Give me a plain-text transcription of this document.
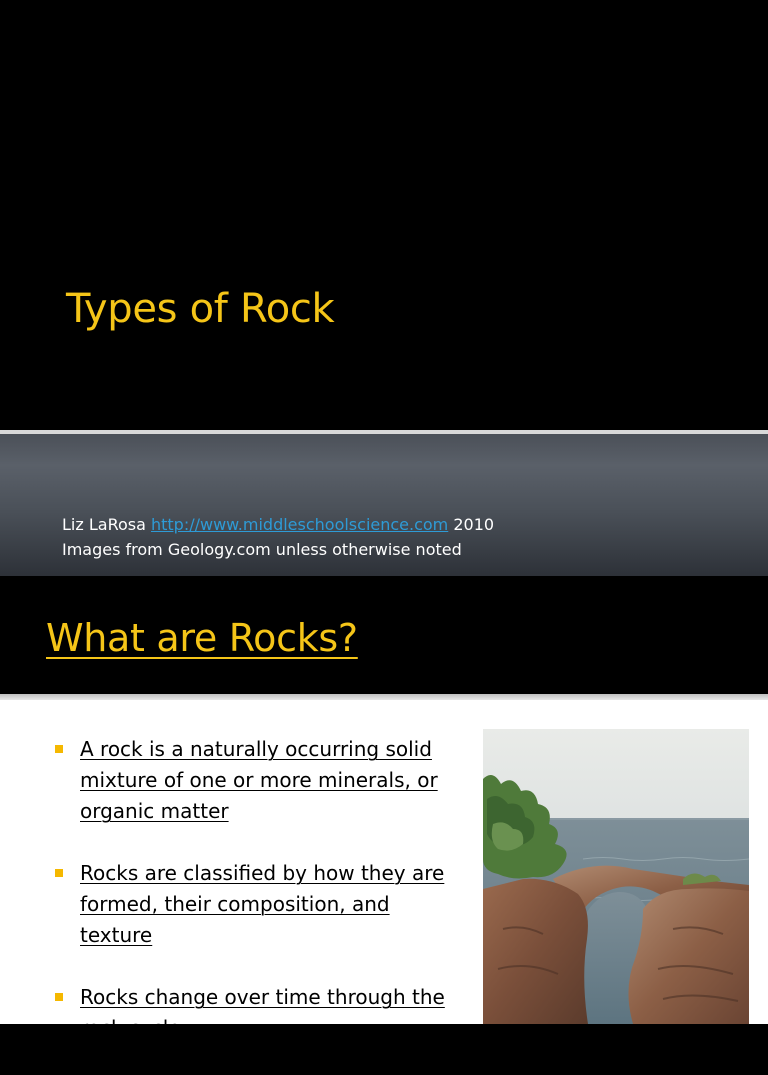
Types of Rock
Liz LaRosa http://www.middleschoolscience.com 2010
Images from Geology.com unless otherwise noted
What are Rocks?
A rock is a naturally occurring solid mixture of one or more minerals, or organic matter
Rocks are classified by how they are formed, their composition, and texture
Rocks change over time through the rock cycle
